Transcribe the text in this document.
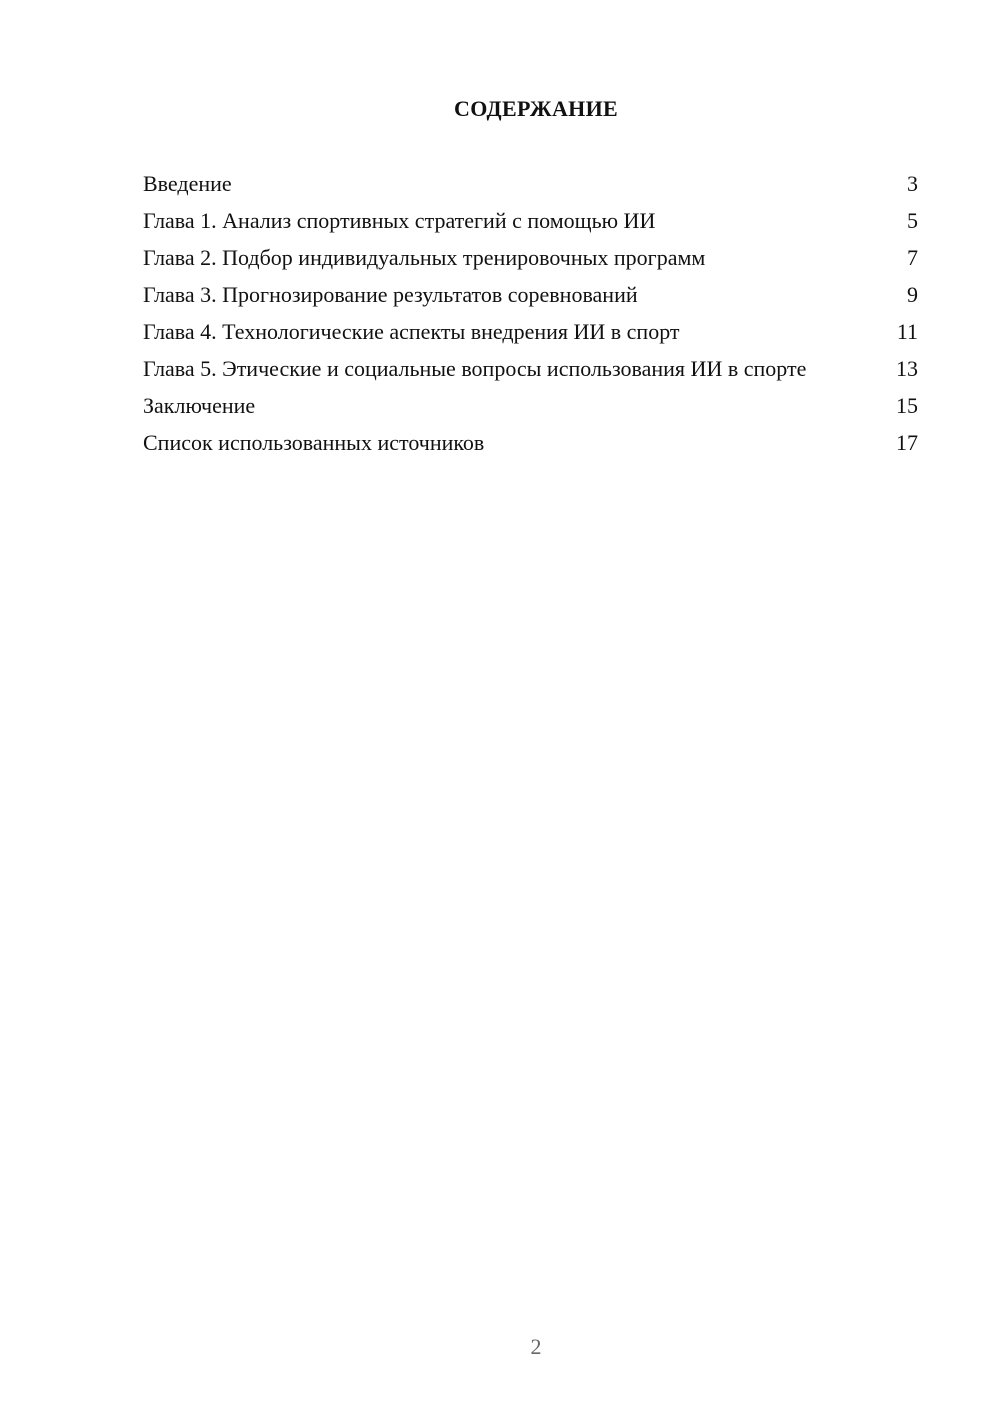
СОДЕРЖАНИЕ
Введение	3
Глава 1. Анализ спортивных стратегий с помощью ИИ	5
Глава 2. Подбор индивидуальных тренировочных программ	7
Глава 3. Прогнозирование результатов соревнований	9
Глава 4. Технологические аспекты внедрения ИИ в спорт	11
Глава 5. Этические и социальные вопросы использования ИИ в спорте	13
Заключение	15
Список использованных источников	17
2
